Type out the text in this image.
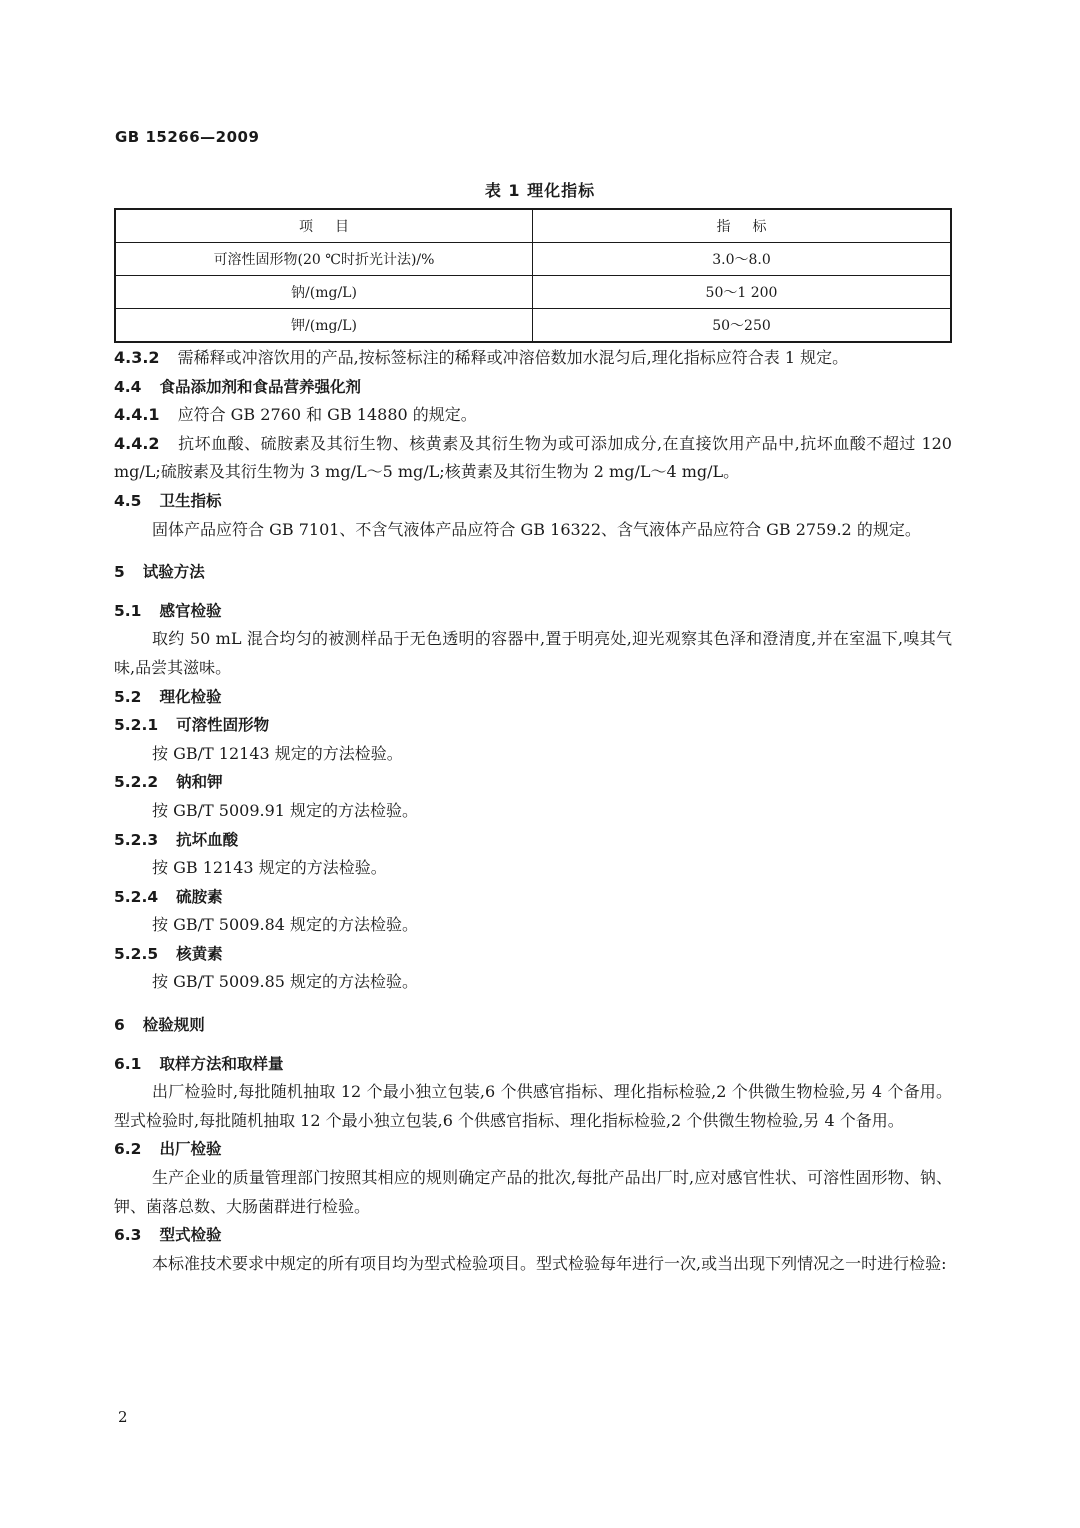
GB 15266—2009
表 1 理化指标
项目	指标
可溶性固形物(20 ℃时折光计法)/%	3.0～8.0
钠/(mg/L)	50～1 200
钾/(mg/L)	50～250

4.3.2 需稀释或冲溶饮用的产品,按标签标注的稀释或冲溶倍数加水混匀后,理化指标应符合表 1 规定。

4.4 食品添加剂和食品营养强化剂

4.4.1 应符合 GB 2760 和 GB 14880 的规定。

4.4.2 抗坏血酸、硫胺素及其衍生物、核黄素及其衍生物为或可添加成分,在直接饮用产品中,抗坏血酸不超过 120 mg/L;硫胺素及其衍生物为 3 mg/L～5 mg/L;核黄素及其衍生物为 2 mg/L～4 mg/L。

4.5 卫生指标

固体产品应符合 GB 7101、不含气液体产品应符合 GB 16322、含气液体产品应符合 GB 2759.2 的规定。

5 试验方法

5.1 感官检验

取约 50 mL 混合均匀的被测样品于无色透明的容器中,置于明亮处,迎光观察其色泽和澄清度,并在室温下,嗅其气味,品尝其滋味。

5.2 理化检验

5.2.1 可溶性固形物

按 GB/T 12143 规定的方法检验。

5.2.2 钠和钾

按 GB/T 5009.91 规定的方法检验。

5.2.3 抗坏血酸

按 GB 12143 规定的方法检验。

5.2.4 硫胺素

按 GB/T 5009.84 规定的方法检验。

5.2.5 核黄素

按 GB/T 5009.85 规定的方法检验。

6 检验规则

6.1 取样方法和取样量

出厂检验时,每批随机抽取 12 个最小独立包装,6 个供感官指标、理化指标检验,2 个供微生物检验,另 4 个备用。型式检验时,每批随机抽取 12 个最小独立包装,6 个供感官指标、理化指标检验,2 个供微生物检验,另 4 个备用。

6.2 出厂检验

生产企业的质量管理部门按照其相应的规则确定产品的批次,每批产品出厂时,应对感官性状、可溶性固形物、钠、钾、菌落总数、大肠菌群进行检验。

6.3 型式检验

本标准技术要求中规定的所有项目均为型式检验项目。型式检验每年进行一次,或当出现下列情况之一时进行检验:

2
